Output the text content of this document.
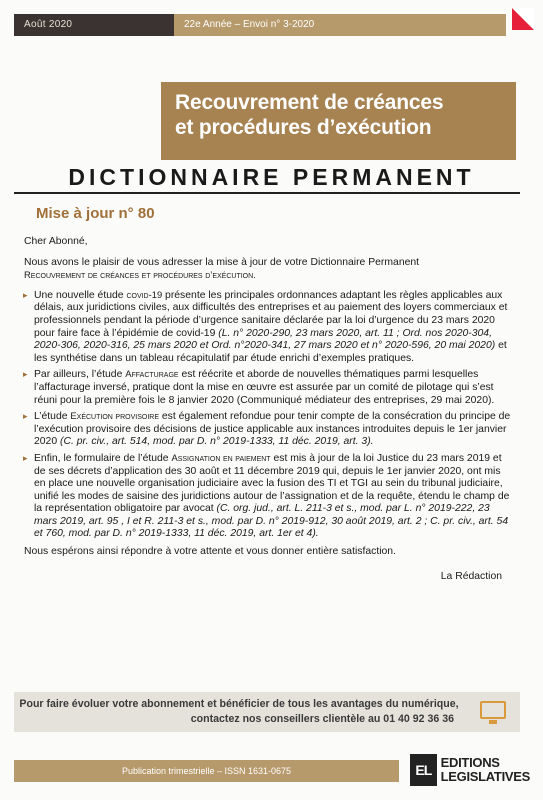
Août 2020	22e Année – Envoi n° 3-2020
Recouvrement de créances
et procédures d’exécution
DICTIONNAIRE PERMANENT
Mise à jour n° 80

Cher Abonné,

Nous avons le plaisir de vous adresser la mise à jour de votre Dictionnaire Permanent
Recouvrement de créances et procédures d’exécution.

▸ Une nouvelle étude covid-19 présente les principales ordonnances adaptant les règles applicables aux délais, aux juridictions civiles, aux difficultés des entreprises et au paiement des loyers commerciaux et professionnels pendant la période d’urgence sanitaire déclarée par la loi d’urgence du 23 mars 2020 pour faire face à l’épidémie de covid-19 (L. n° 2020-290, 23 mars 2020, art. 11 ; Ord. nos 2020-304, 2020-306, 2020-316, 25 mars 2020 et Ord. n°2020-341, 27 mars 2020 et n° 2020-596, 20 mai 2020) et les synthétise dans un tableau récapitulatif par étude enrichi d’exemples pratiques.
▸ Par ailleurs, l’étude Affacturage est réécrite et aborde de nouvelles thématiques parmi lesquelles l’affacturage inversé, pratique dont la mise en œuvre est assurée par un comité de pilotage qui s’est réuni pour la première fois le 8 janvier 2020 (Communiqué médiateur des entreprises, 29 mai 2020).
▸ L’étude Exécution provisoire est également refondue pour tenir compte de la consécration du principe de l’exécution provisoire des décisions de justice applicable aux instances introduites depuis le 1er janvier 2020 (C. pr. civ., art. 514, mod. par D. n° 2019-1333, 11 déc. 2019, art. 3).
▸ Enfin, le formulaire de l’étude Assignation en paiement est mis à jour de la loi Justice du 23 mars 2019 et de ses décrets d’application des 30 août et 11 décembre 2019 qui, depuis le 1er janvier 2020, ont mis en place une nouvelle organisation judiciaire avec la fusion des TI et TGI au sein du tribunal judiciaire, unifié les modes de saisine des juridictions autour de l’assignation et de la requête, étendu le champ de la représentation obligatoire par avocat (C. org. jud., art. L. 211-3 et s., mod. par L. n° 2019-222, 23 mars 2019, art. 95 , I et R. 211-3 et s., mod. par D. n° 2019-912, 30 août 2019, art. 2 ; C. pr. civ., art. 54 et 760, mod. par D. n° 2019-1333, 11 déc. 2019, art. 1er et 4).

Nous espérons ainsi répondre à votre attente et vous donner entière satisfaction.

La Rédaction

Pour faire évoluer votre abonnement et bénéficier de tous les avantages du numérique,
contactez nos conseillers clientèle au 01 40 92 36 36
Publication trimestrielle – ISSN 1631-0675	EL EDITIONS
LEGISLATIVES
